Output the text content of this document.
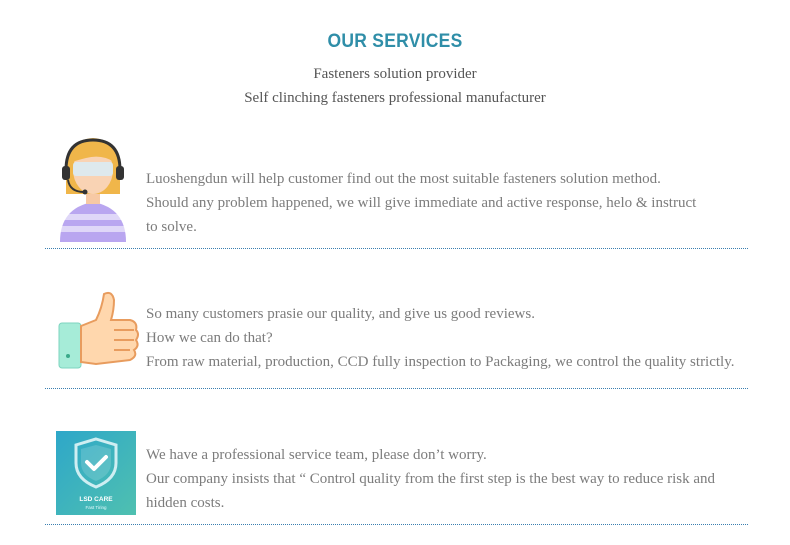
OUR SERVICES
Fasteners solution provider
Self clinching fasteners professional manufacturer
Luoshengdun will help customer find out the most suitable fasteners solution method.
Should any problem happened, we will give immediate and active response, helo & instruct
to solve.
So many customers prasie our quality, and give us good reviews.
How we can do that?
From raw material, production, CCD fully inspection to Packaging, we control the quality strictly.
LSD CARE
Fast Tiring
We have a professional service team, please don’t worry.
Our company insists that “ Control quality from the first step is the best way to reduce risk and
hidden costs.
